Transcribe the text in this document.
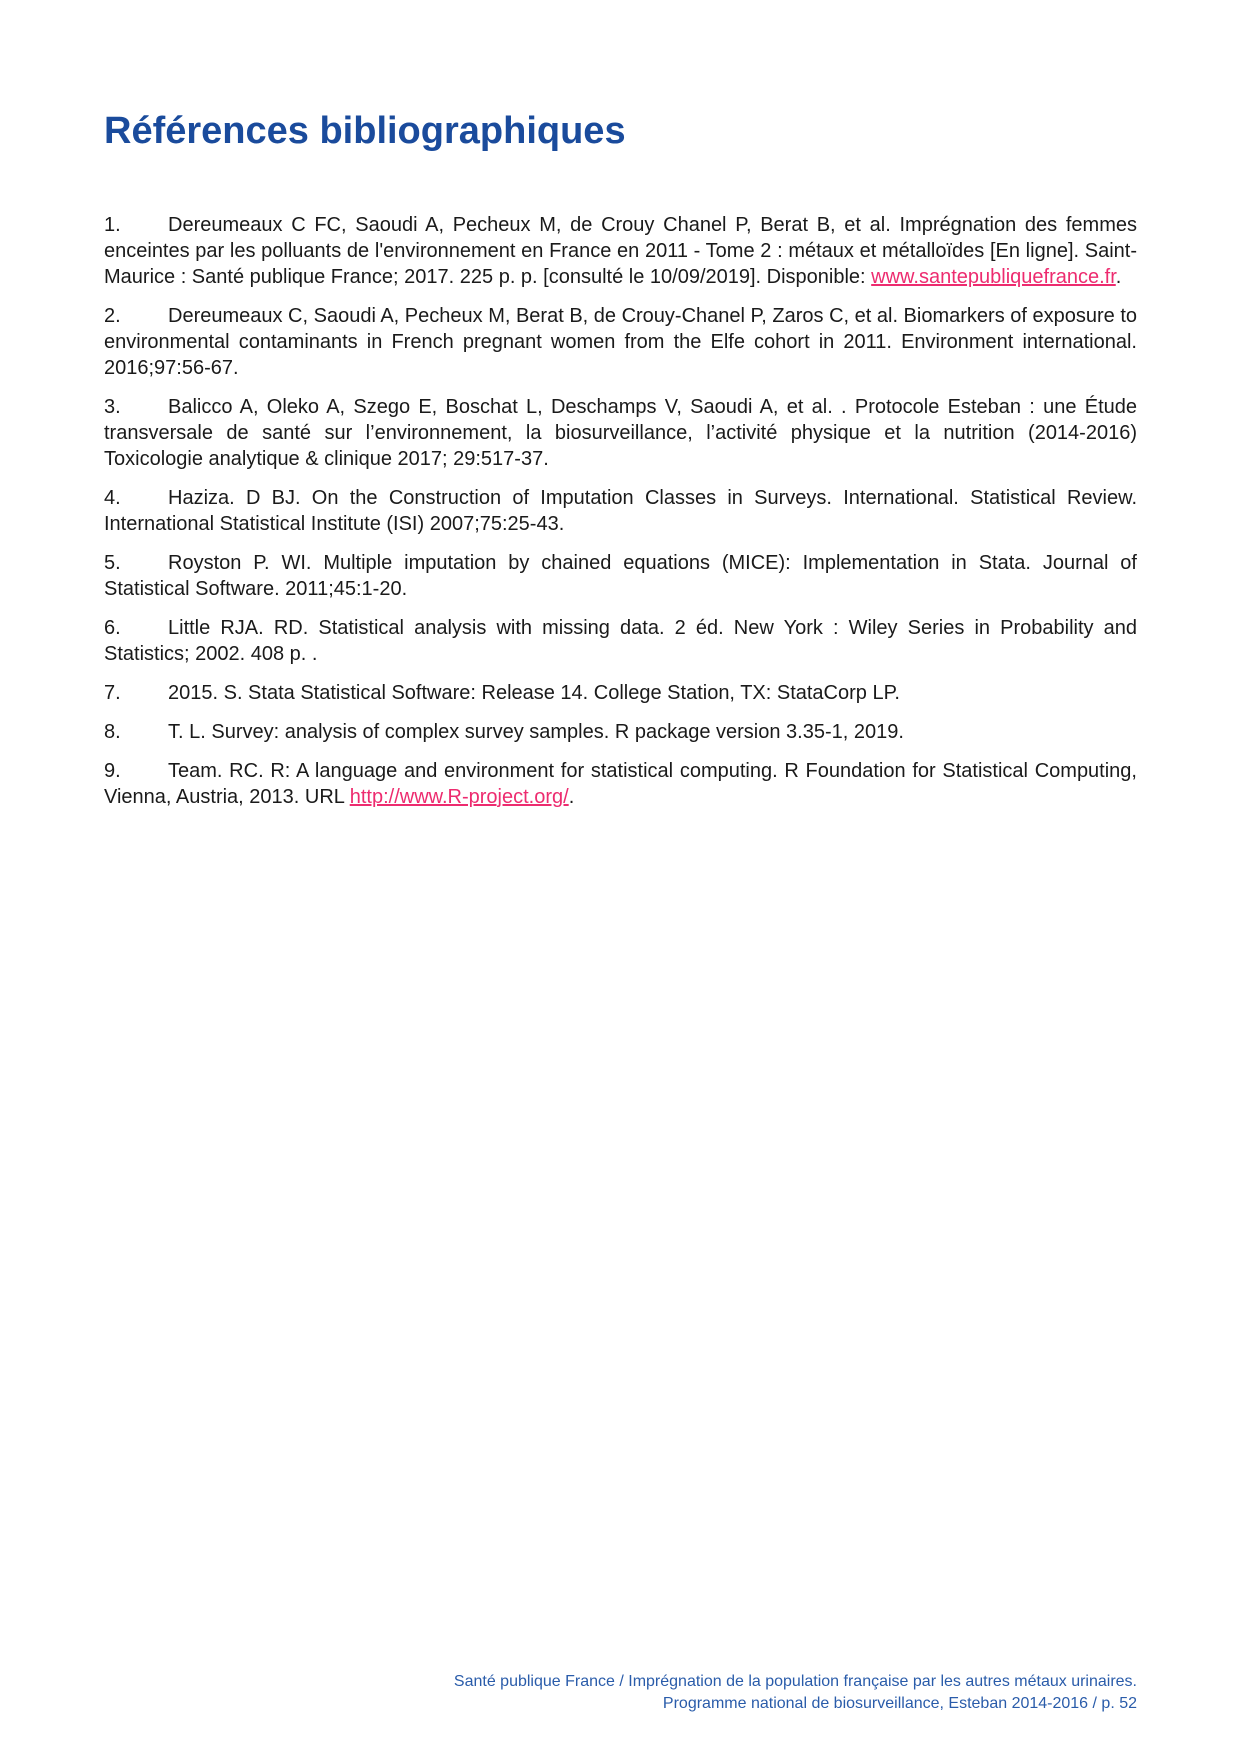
Références bibliographiques

1. Dereumeaux C FC, Saoudi A, Pecheux M, de Crouy Chanel P, Berat B, et al. Imprégnation des femmes enceintes par les polluants de l'environnement en France en 2011 - Tome 2 : métaux et métalloïdes [En ligne]. Saint-Maurice : Santé publique France; 2017. 225 p. p. [consulté le 10/09/2019]. Disponible: www.santepubliquefrance.fr.

2. Dereumeaux C, Saoudi A, Pecheux M, Berat B, de Crouy-Chanel P, Zaros C, et al. Biomarkers of exposure to environmental contaminants in French pregnant women from the Elfe cohort in 2011. Environment international. 2016;97:56-67.

3. Balicco A, Oleko A, Szego E, Boschat L, Deschamps V, Saoudi A, et al. . Protocole Esteban : une Étude transversale de santé sur l’environnement, la biosurveillance, l’activité physique et la nutrition (2014-2016) Toxicologie analytique & clinique 2017; 29:517-37.

4. Haziza. D BJ. On the Construction of Imputation Classes in Surveys. International. Statistical Review. International Statistical Institute (ISI) 2007;75:25-43.

5. Royston P. WI. Multiple imputation by chained equations (MICE): Implementation in Stata. Journal of Statistical Software. 2011;45:1-20.

6. Little RJA. RD. Statistical analysis with missing data. 2 éd. New York : Wiley Series in Probability and Statistics; 2002. 408 p. .

7. 2015. S. Stata Statistical Software: Release 14. College Station, TX: StataCorp LP.

8. T. L. Survey: analysis of complex survey samples. R package version 3.35-1, 2019.

9. Team. RC. R: A language and environment for statistical computing. R Foundation for Statistical Computing, Vienna, Austria, 2013. URL http://www.R-project.org/.

Santé publique France / Imprégnation de la population française par les autres métaux urinaires.
Programme national de biosurveillance, Esteban 2014-2016 / p. 52
